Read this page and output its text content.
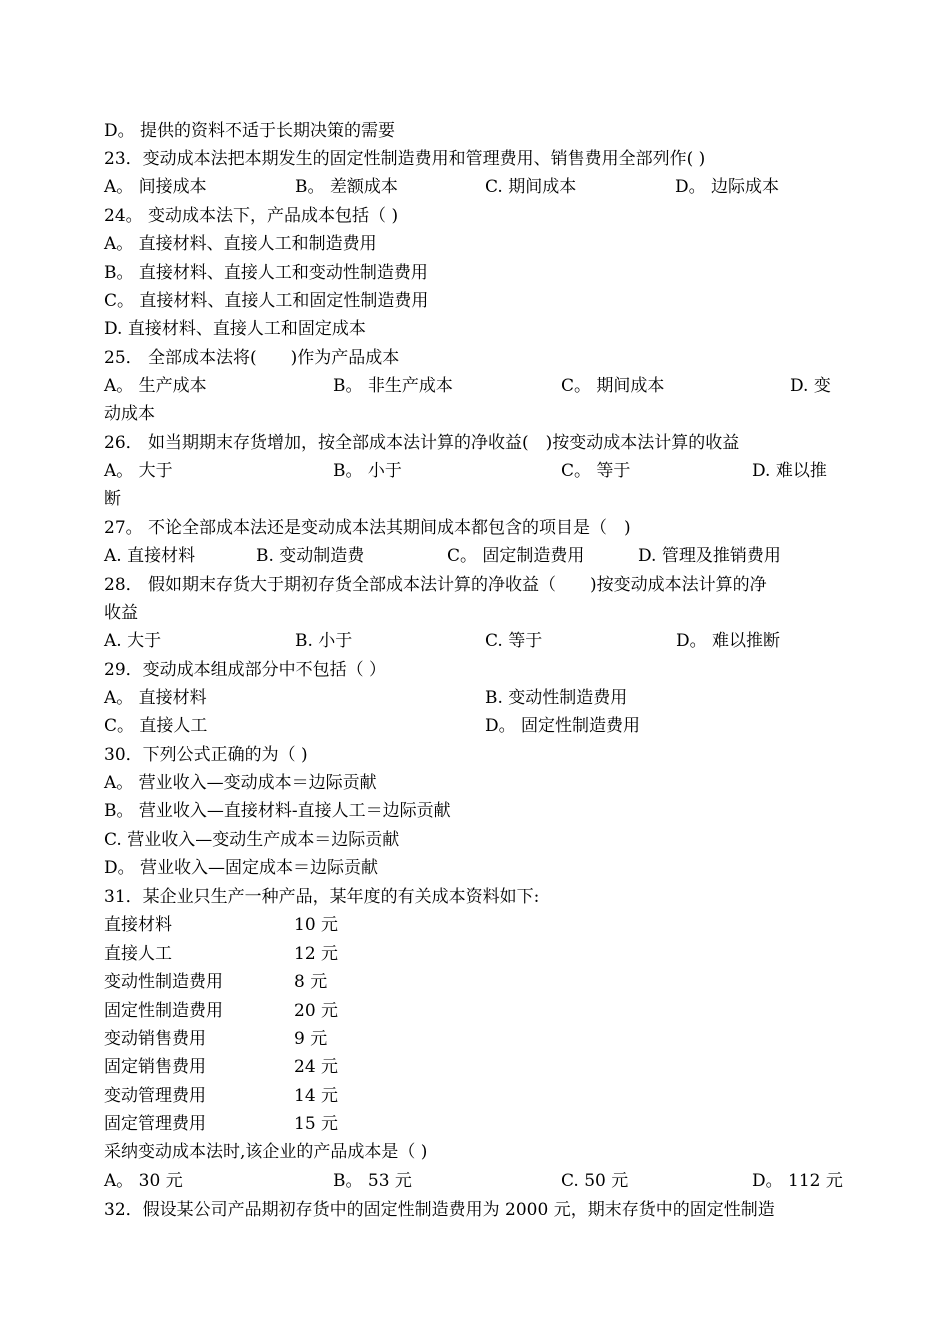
D。 提供的资料不适于长期决策的需要
23．变动成本法把本期发生的固定性制造费用和管理费用、销售费用全部列作( )
A。 间接成本	B。 差额成本	C. 期间成本	D。 边际成本
24。 变动成本法下，产品成本包括（ )
A。 直接材料、直接人工和制造费用
B。 直接材料、直接人工和变动性制造费用
C。 直接材料、直接人工和固定性制造费用
D. 直接材料、直接人工和固定成本
25． 全部成本法将(　　)作为产品成本
A。 生产成本	B。 非生产成本	C。 期间成本	D. 变
动成本
26． 如当期期末存货增加，按全部成本法计算的净收益(　)按变动成本法计算的收益
A。 大于	B。 小于	C。 等于	D. 难以推
断
27。 不论全部成本法还是变动成本法其期间成本都包含的项目是（　)
A. 直接材料	B. 变动制造费	C。 固定制造费用	D. 管理及推销费用
28． 假如期末存货大于期初存货全部成本法计算的净收益（　　)按变动成本法计算的净
收益
A. 大于	B. 小于	C. 等于	D。 难以推断
29．变动成本组成部分中不包括（ ）
A。 直接材料	B. 变动性制造费用
C。 直接人工	D。 固定性制造费用
30．下列公式正确的为（ )
A。 营业收入—变动成本＝边际贡献
B。 营业收入—直接材料-直接人工＝边际贡献
C. 营业收入—变动生产成本＝边际贡献
D。 营业收入—固定成本＝边际贡献
31．某企业只生产一种产品，某年度的有关成本资料如下:
直接材料	10 元
直接人工	12 元
变动性制造费用	8 元
固定性制造费用	20 元
变动销售费用	9 元
固定销售费用	24 元
变动管理费用	14 元
固定管理费用	15 元
采纳变动成本法时,该企业的产品成本是（ )
A。 30 元	B。 53 元	C. 50 元	D。 112 元
32．假设某公司产品期初存货中的固定性制造费用为 2000 元，期末存货中的固定性制造
